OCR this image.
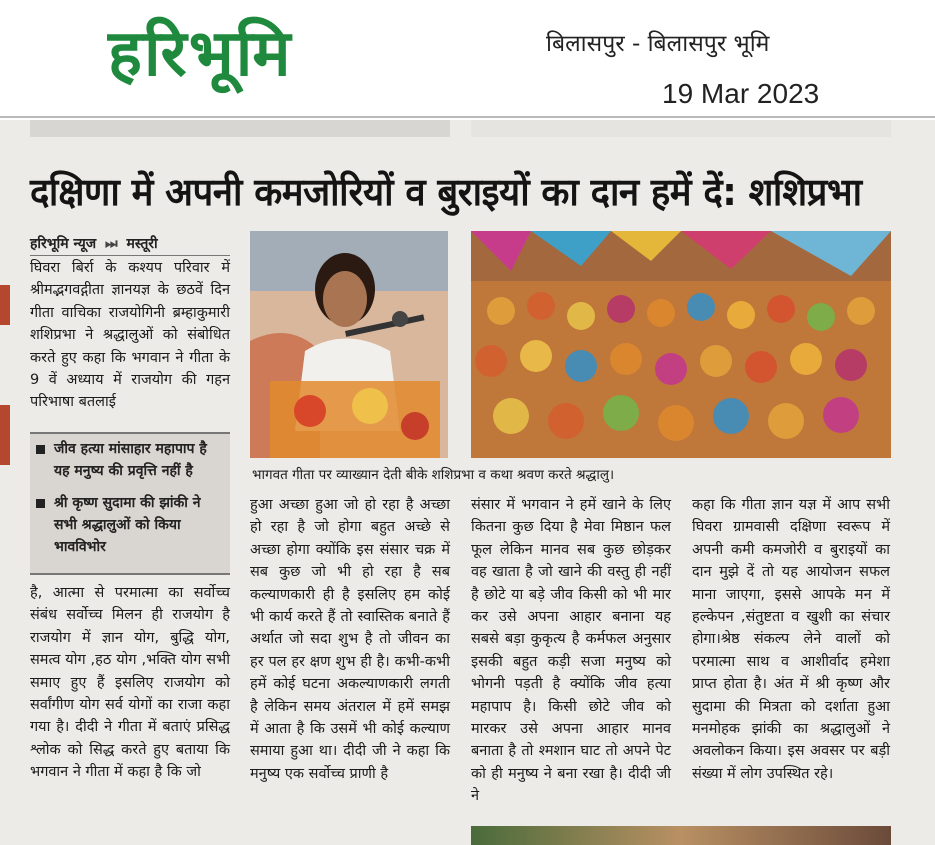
हरिभूमि	बिलासपुर - बिलासपुर भूमि
19 Mar 2023
दक्षिणा में अपनी कमजोरियों व बुराइयों का दान हमें दें: शशिप्रभा
हरिभूमि न्यूज ⏭ मस्तूरी
घिवरा बिर्रा के कश्यप परिवार में श्रीमद्भगवद्गीता ज्ञानयज्ञ के छठवें दिन गीता वाचिका राजयोगिनी ब्रम्हाकुमारी शशिप्रभा ने श्रद्धालुओं को संबोधित करते हुए कहा कि भगवान ने गीता के 9 वें अध्याय में राजयोग की गहन परिभाषा बतलाई
जीव हत्या मांसाहार महापाप है यह मनुष्य की प्रवृत्ति नहीं है
श्री कृष्ण सुदामा की झांकी ने सभी श्रद्धालुओं को किया भावविभोर
है, आत्मा से परमात्मा का सर्वोच्च संबंध सर्वोच्च मिलन ही राजयोग है राजयोग में ज्ञान योग, बुद्धि योग, समत्व योग ,हठ योग ,भक्ति योग सभी समाए हुए हैं इसलिए राजयोग को सर्वांगीण योग सर्व योगों का राजा कहा गया है। दीदी ने गीता में बताएं प्रसिद्ध श्लोक को सिद्ध करते हुए बताया कि भगवान ने गीता में कहा है कि जो
भागवत गीता पर व्याख्यान देती बीके शशिप्रभा व कथा श्रवण करते श्रद्धालु।
हुआ अच्छा हुआ जो हो रहा है अच्छा हो रहा है जो होगा बहुत अच्छे से अच्छा होगा क्योंकि इस संसार चक्र में सब कुछ जो भी हो रहा है सब कल्याणकारी ही है इसलिए हम कोई भी कार्य करते हैं तो स्वास्तिक बनाते हैं अर्थात जो सदा शुभ है तो जीवन का हर पल हर क्षण शुभ ही है। कभी-कभी हमें कोई घटना अकल्याणकारी लगती है लेकिन समय अंतराल में हमें समझ में आता है कि उसमें भी कोई कल्याण समाया हुआ था। दीदी जी ने कहा कि मनुष्य एक सर्वोच्च प्राणी है
संसार में भगवान ने हमें खाने के लिए कितना कुछ दिया है मेवा मिष्ठान फल फूल लेकिन मानव सब कुछ छोड़कर वह खाता है जो खाने की वस्तु ही नहीं है छोटे या बड़े जीव किसी को भी मार कर उसे अपना आहार बनाना यह सबसे बड़ा कुकृत्य है कर्मफल अनुसार इसकी बहुत कड़ी सजा मनुष्य को भोगनी पड़ती है क्योंकि जीव हत्या महापाप है। किसी छोटे जीव को मारकर उसे अपना आहार मानव बनाता है तो श्मशान घाट तो अपने पेट को ही मनुष्य ने बना रखा है। दीदी जी ने
कहा कि गीता ज्ञान यज्ञ में आप सभी घिवरा ग्रामवासी दक्षिणा स्वरूप में अपनी कमी कमजोरी व बुराइयों का दान मुझे दें तो यह आयोजन सफल माना जाएगा, इससे आपके मन में हल्केपन ,संतुष्टता व खुशी का संचार होगा।श्रेष्ठ संकल्प लेने वालों को परमात्मा साथ व आशीर्वाद हमेशा प्राप्त होता है। अंत में श्री कृष्ण और सुदामा की मित्रता को दर्शाता हुआ मनमोहक झांकी का श्रद्धालुओं ने अवलोकन किया। इस अवसर पर बड़ी संख्या में लोग उपस्थित रहे।
